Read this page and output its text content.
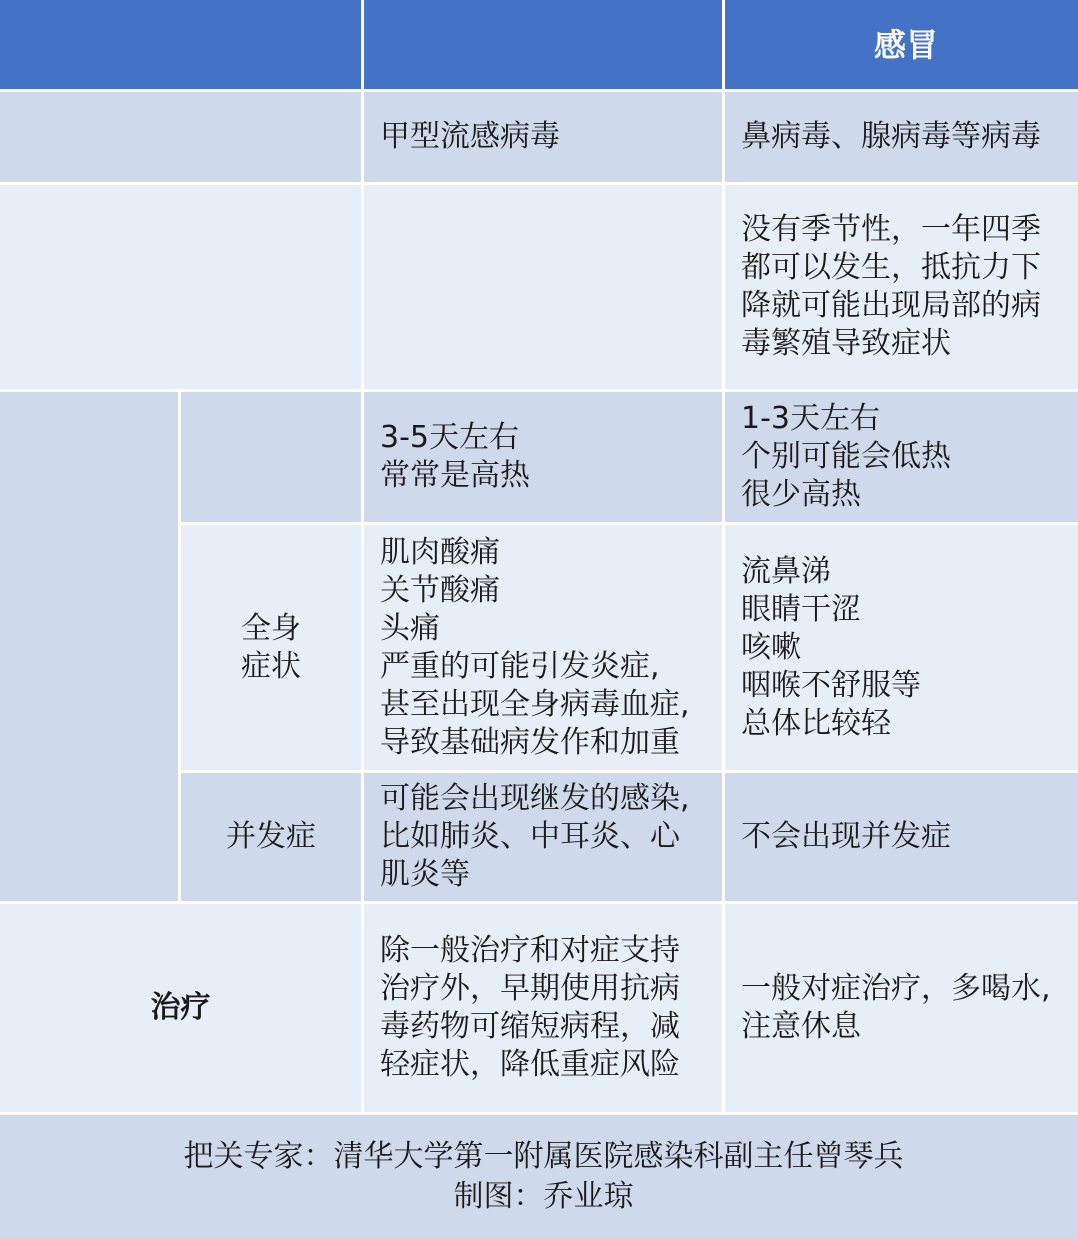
感冒
甲型流感病毒	鼻病毒、腺病毒等病毒
没有季节性，一年四季
都可以发生，抵抗力下
降就可能出现局部的病
毒繁殖导致症状
3-5天左右
常常是高热
1-3天左右
个别可能会低热
很少高热
全身
症状
肌肉酸痛
关节酸痛
头痛
严重的可能引发炎症,
甚至出现全身病毒血症,
导致基础病发作和加重
流鼻涕
眼睛干涩
咳嗽
咽喉不舒服等
总体比较轻
并发症
可能会出现继发的感染,
比如肺炎、中耳炎、心
肌炎等
不会出现并发症
治疗
除一般治疗和对症支持
治疗外，早期使用抗病
毒药物可缩短病程，减
轻症状，降低重症风险
一般对症治疗，多喝水,
注意休息
把关专家：清华大学第一附属医院感染科副主任曾琴兵
制图：乔业琼
